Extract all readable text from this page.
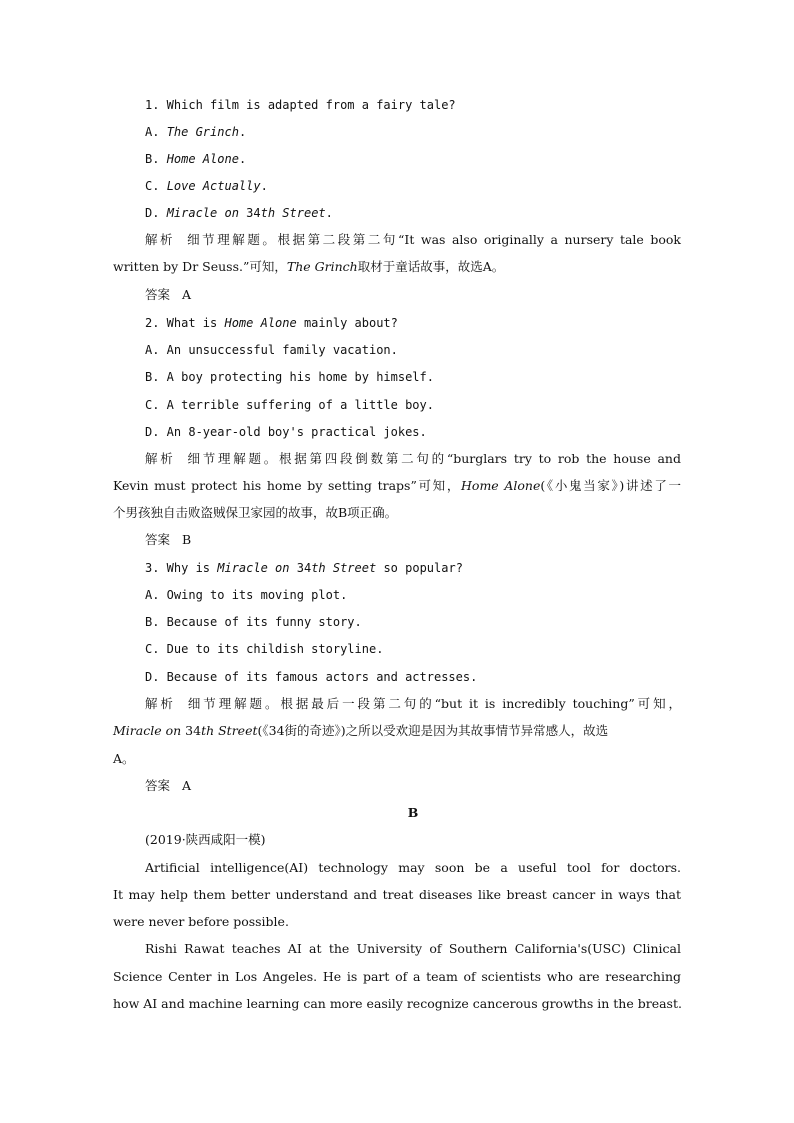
1. Which film is adapted from a fairy tale?
A. The Grinch.
B. Home Alone.
C. Love Actually.
D. Miracle on 34th Street.
解析 细节理解题。根据第二段第二句“It was also originally a nursery tale book
written by Dr Seuss.”可知，The Grinch取材于童话故事，故选A。
答案 A
2. What is Home Alone mainly about?
A. An unsuccessful family vacation.
B. A boy protecting his home by himself.
C. A terrible suffering of a little boy.
D. An 8-year-old boy's practical jokes.
解析 细节理解题。根据第四段倒数第二句的“burglars try to rob the house and
Kevin must protect his home by setting traps”可知，Home Alone(《小鬼当家》)讲述了一
个男孩独自击败盗贼保卫家园的故事，故B项正确。
答案 B
3. Why is Miracle on 34th Street so popular?
A. Owing to its moving plot.
B. Because of its funny story.
C. Due to its childish storyline.
D. Because of its famous actors and actresses.
解析 细节理解题。根据最后一段第二句的“but it is incredibly touching”可知，
Miracle on 34th Street(《34街的奇迹》)之所以受欢迎是因为其故事情节异常感人，故选
A。
答案 A
B
(2019·陕西咸阳一模)
Artificial intelligence(AI) technology may soon be a useful tool for doctors.
It may help them better understand and treat diseases like breast cancer in ways that
were never before possible.
Rishi Rawat teaches AI at the University of Southern California's(USC) Clinical
Science Center in Los Angeles. He is part of a team of scientists who are researching
how AI and machine learning can more easily recognize cancerous growths in the breast.
